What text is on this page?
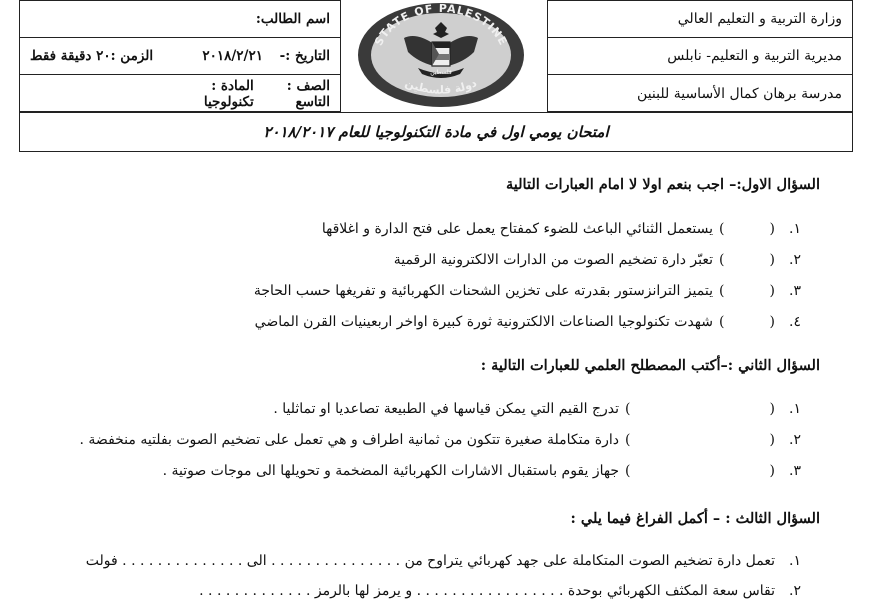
وزارة التربية و التعليم العالي
مديرية التربية و التعليم- نابلس
مدرسة برهان كمال الأساسية للبنين
STATE OF PALESTINE
فلسطين
دولة فلسطين
اسم الطالب:
التاريخ :- ٢٠١٨/٢/٢١
الزمن :٢٠ دقيقة فقط
الصف : التاسع
المادة : تكنولوجيا
امتحان يومي اول في مادة التكنولوجيا للعام ٢٠١٨/٢٠١٧
السؤال الاول:– اجب بنعم اولا لا امام العبارات التالية
١.
(
)
يستعمل الثنائي الباعث للضوء كمفتاح يعمل على فتح الدارة و اغلاقها
٢.
(
)
تعبّر دارة تضخيم الصوت من الدارات الالكترونية الرقمية
٣.
(
)
يتميز الترانزستور بقدرته على تخزين الشحنات الكهربائية و تفريغها حسب الحاجة
٤.
(
)
شهدت تكنولوجيا الصناعات الالكترونية ثورة كبيرة اواخر اربعينيات القرن الماضي
السؤال الثاني :–أكتب المصطلح العلمي للعبارات التالية :
١.
(
)
تدرج القيم التي يمكن قياسها في الطبيعة تصاعديا او تماثليا .
٢.
(
)
دارة متكاملة صغيرة تتكون من ثمانية اطراف و هي تعمل على تضخيم الصوت بفلتيه منخفضة .
٣.
(
)
جهاز يقوم باستقبال الاشارات الكهربائية المضخمة و تحويلها الى موجات صوتية .
السؤال الثالث : – أكمل الفراغ فيما يلي :
١.
تعمل دارة تضخيم الصوت المتكاملة على جهد كهربائي يتراوح من . . . . . . . . . . . . . . . الى . . . . . . . . . . . . . . فولت
٢.
تقاس سعة المكثف الكهربائي بوحدة . . . . . . . . . . . . . . . . . و يرمز لها بالرمز . . . . . . . . . . . . .
